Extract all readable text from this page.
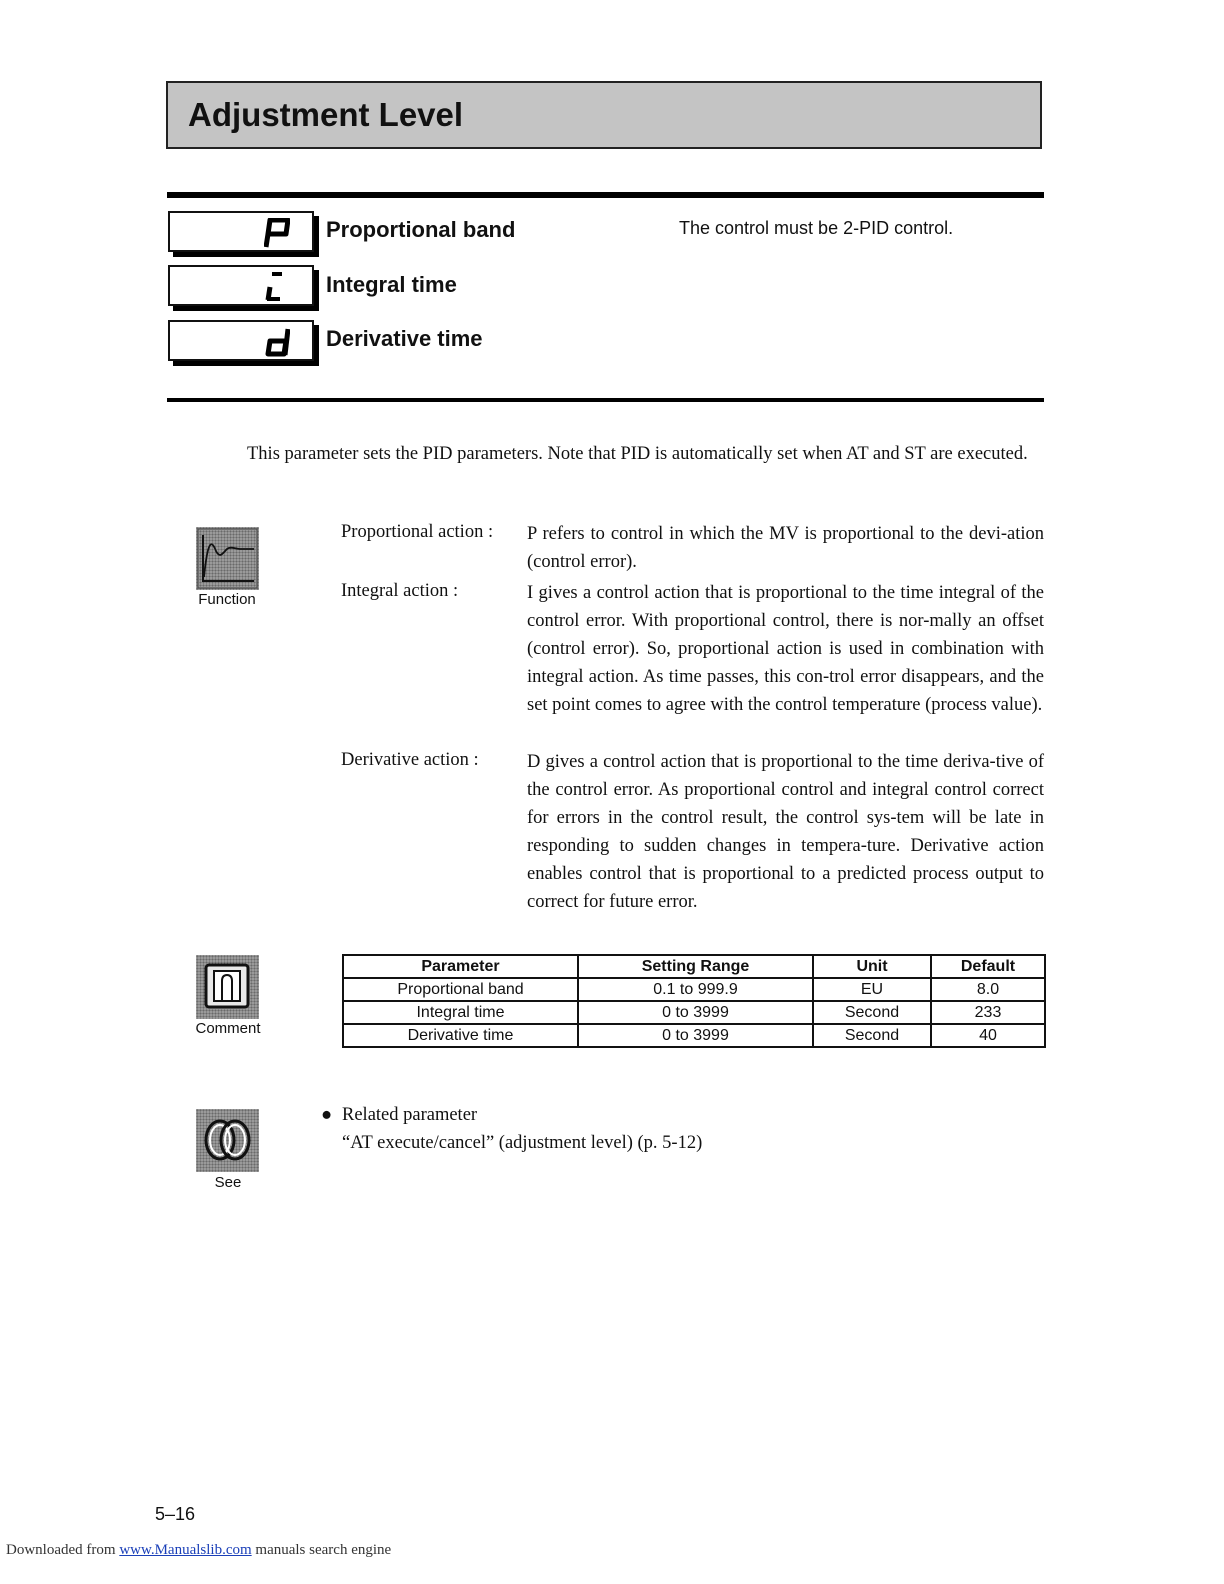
Adjustment Level
Proportional band
Integral time
Derivative time
The control must be 2-PID control.
This parameter sets the PID parameters. Note that PID is automatically set when AT and ST are executed.
Function
Proportional action : P refers to control in which the MV is proportional to the devi-ation (control error).
Integral action :	I gives a control action that is proportional to the time integral of the control error. With proportional control, there is nor-mally an offset (control error). So, proportional action is used in combination with integral action. As time passes, this con-trol error disappears, and the set point comes to agree with the control temperature (process value).
Derivative action :	D gives a control action that is proportional to the time deriva-tive of the control error. As proportional control and integral control correct for errors in the control result, the control sys-tem will be late in responding to sudden changes in tempera-ture. Derivative action enables control that is proportional to a predicted process output to correct for future error.
Comment
Parameter	Setting Range	Unit	Default
Proportional band	0.1 to 999.9	EU	8.0
Integral time	0 to 3999	Second	233
Derivative time	0 to 3999	Second	40
See
● Related parameter
“AT execute/cancel” (adjustment level) (p. 5-12)
5–16
Downloaded from www.Manualslib.com manuals search engine
